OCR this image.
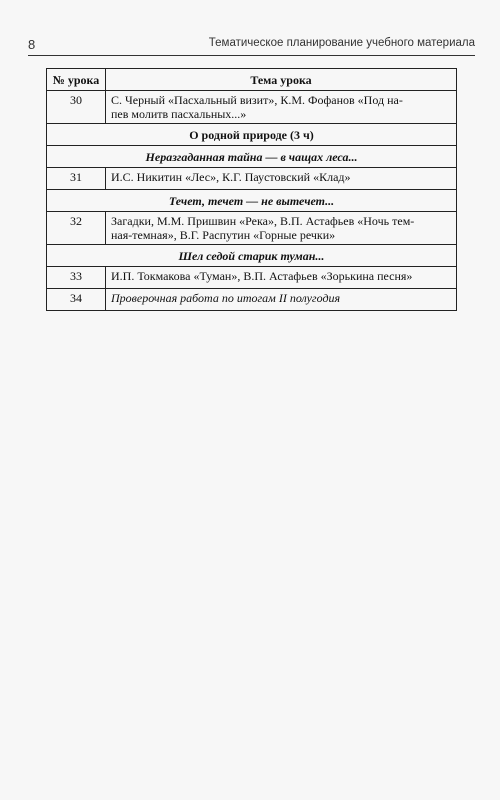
8	Тематическое планирование учебного материала
№ урока	Тема урока
30	С. Черный «Пасхальный визит», К.М. Фофанов «Под на-
пев молитв пасхальных...»

О родной природе (3 ч)	
Неразгаданная тайна — в чащах леса...	
31	И.С. Никитин «Лес», К.Г. Паустовский «Клад»
Течет, течет — не вытечет...	
32	Загадки, М.М. Пришвин «Река», В.П. Астафьев «Ночь тем-
ная-темная», В.Г. Распутин «Горные речки»

Шел седой старик туман...	
33	И.П. Токмакова «Туман», В.П. Астафьев «Зорькина песня»
34	Проверочная работа по итогам II полугодия
